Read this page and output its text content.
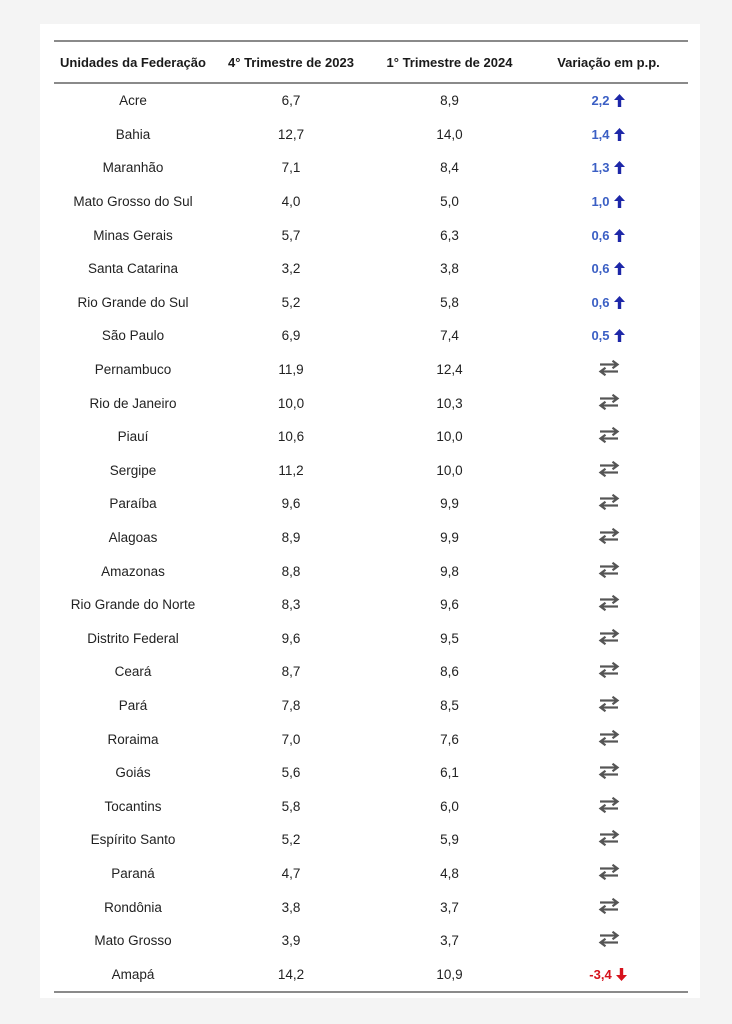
Unidades da Federação	4° Trimestre de 2023	1° Trimestre de 2024	Variação em p.p.
Acre	6,7	8,9	2,2

Bahia	12,7	14,0	1,4

Maranhão	7,1	8,4	1,3

Mato Grosso do Sul	4,0	5,0	1,0

Minas Gerais	5,7	6,3	0,6

Santa Catarina	3,2	3,8	0,6

Rio Grande do Sul	5,2	5,8	0,6

São Paulo	6,9	7,4	0,5

Pernambuco	11,9	12,4	

Rio de Janeiro	10,0	10,3	

Piauí	10,6	10,0	

Sergipe	11,2	10,0	

Paraíba	9,6	9,9	

Alagoas	8,9	9,9	

Amazonas	8,8	9,8	

Rio Grande do Norte	8,3	9,6	

Distrito Federal	9,6	9,5	

Ceará	8,7	8,6	

Pará	7,8	8,5	

Roraima	7,0	7,6	

Goiás	5,6	6,1	

Tocantins	5,8	6,0	

Espírito Santo	5,2	5,9	

Paraná	4,7	4,8	

Rondônia	3,8	3,7	

Mato Grosso	3,9	3,7	

Amapá	14,2	10,9	-3,4
